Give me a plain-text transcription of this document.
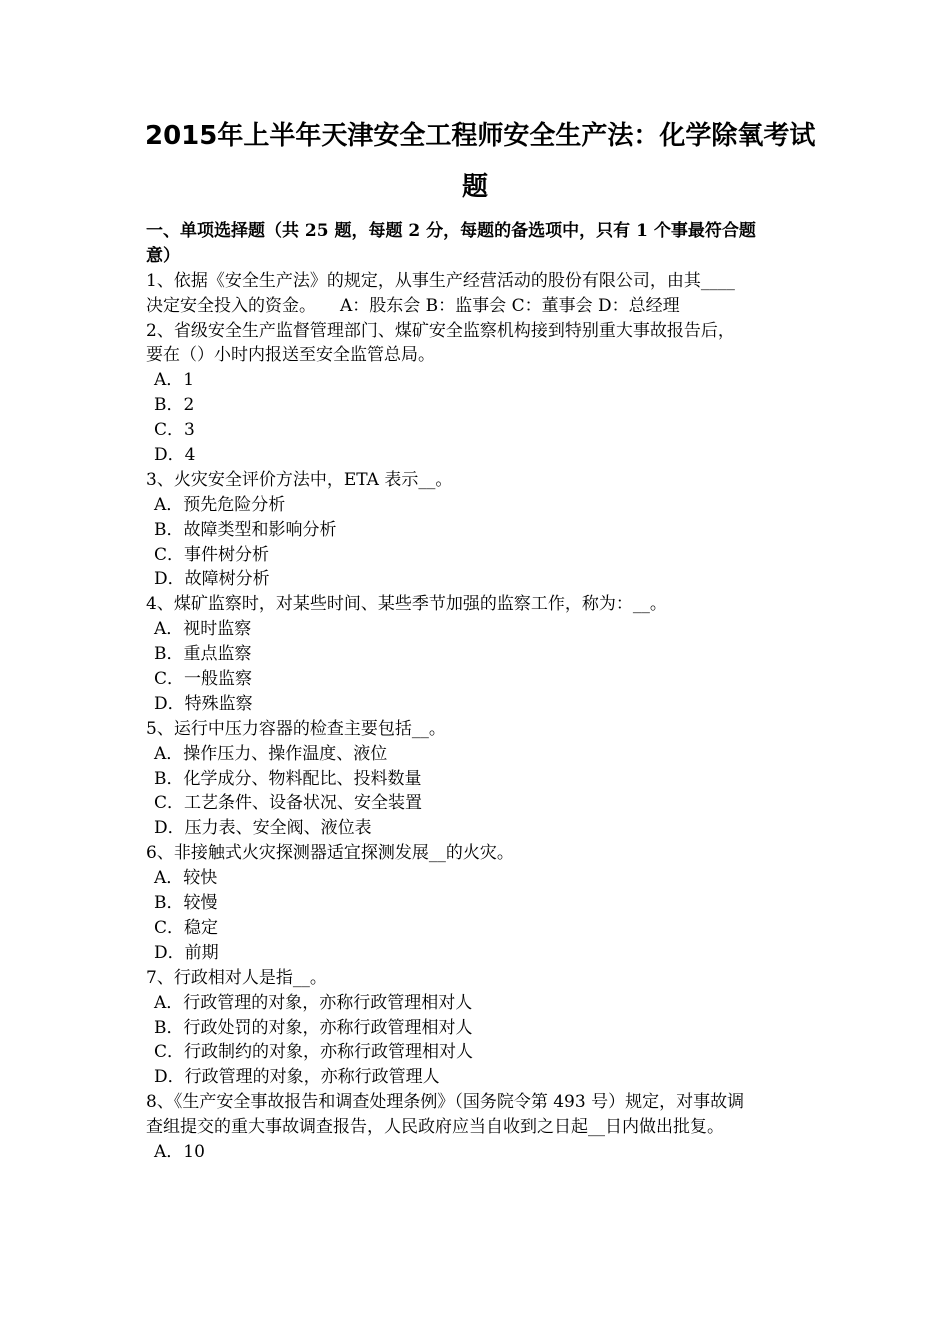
2015年上半年天津安全工程师安全生产法：化学除氧考试
题
一、单项选择题（共 25 题，每题 2 分，每题的备选项中，只有 1 个事最符合题
意）
1、依据《安全生产法》的规定，从事生产经营活动的股份有限公司，由其____
决定安全投入的资金。 A：股东会 B：监事会 C：董事会 D：总经理
2、省级安全生产监督管理部门、煤矿安全监察机构接到特别重大事故报告后，
要在（）小时内报送至安全监管总局。
A．1
B．2
C．3
D．4
3、火灾安全评价方法中，ETA 表示__。
A．预先危险分析
B．故障类型和影响分析
C．事件树分析
D．故障树分析
4、煤矿监察时，对某些时间、某些季节加强的监察工作，称为：__。
A．视时监察
B．重点监察
C．一般监察
D．特殊监察
5、运行中压力容器的检查主要包括__。
A．操作压力、操作温度、液位
B．化学成分、物料配比、投料数量
C．工艺条件、设备状况、安全装置
D．压力表、安全阀、液位表
6、非接触式火灾探测器适宜探测发展__的火灾。
A．较快
B．较慢
C．稳定
D．前期
7、行政相对人是指__。
A．行政管理的对象，亦称行政管理相对人
B．行政处罚的对象，亦称行政管理相对人
C．行政制约的对象，亦称行政管理相对人
D．行政管理的对象，亦称行政管理人
8、《生产安全事故报告和调查处理条例》（国务院令第 493 号）规定，对事故调
查组提交的重大事故调查报告，人民政府应当自收到之日起__日内做出批复。
A．10
